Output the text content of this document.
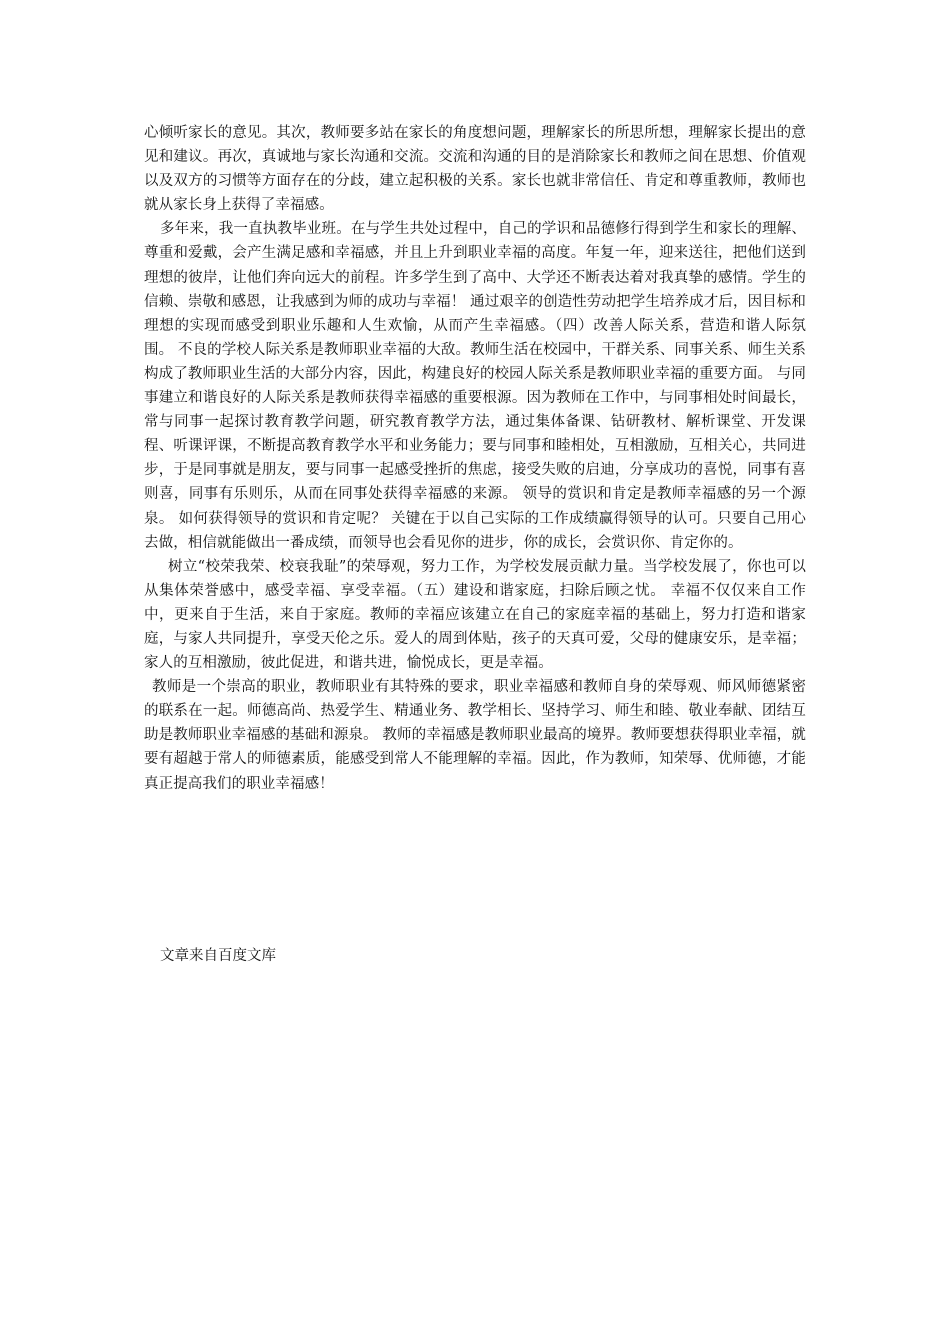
心倾听家长的意见。其次，教师要多站在家长的角度想问题，理解家长的所思所想，理解家长提出的意见和建议。再次，真诚地与家长沟通和交流。交流和沟通的目的是消除家长和教师之间在思想、价值观以及双方的习惯等方面存在的分歧，建立起积极的关系。家长也就非常信任、肯定和尊重教师，教师也就从家长身上获得了幸福感。

多年来，我一直执教毕业班。在与学生共处过程中，自己的学识和品德修行得到学生和家长的理解、尊重和爱戴，会产生满足感和幸福感，并且上升到职业幸福的高度。年复一年，迎来送往，把他们送到理想的彼岸，让他们奔向远大的前程。许多学生到了高中、大学还不断表达着对我真挚的感情。学生的信赖、崇敬和感恩，让我感到为师的成功与幸福！ 通过艰辛的创造性劳动把学生培养成才后，因目标和理想的实现而感受到职业乐趣和人生欢愉，从而产生幸福感。（四）改善人际关系，营造和谐人际氛围。 不良的学校人际关系是教师职业幸福的大敌。教师生活在校园中，干群关系、同事关系、师生关系构成了教师职业生活的大部分内容，因此，构建良好的校园人际关系是教师职业幸福的重要方面。 与同事建立和谐良好的人际关系是教师获得幸福感的重要根源。因为教师在工作中，与同事相处时间最长，常与同事一起探讨教育教学问题，研究教育教学方法，通过集体备课、钻研教材、解析课堂、开发课程、听课评课，不断提高教育教学水平和业务能力；要与同事和睦相处，互相激励，互相关心，共同进步，于是同事就是朋友，要与同事一起感受挫折的焦虑，接受失败的启迪，分享成功的喜悦，同事有喜则喜，同事有乐则乐，从而在同事处获得幸福感的来源。 领导的赏识和肯定是教师幸福感的另一个源泉。 如何获得领导的赏识和肯定呢？ 关键在于以自己实际的工作成绩赢得领导的认可。只要自己用心去做，相信就能做出一番成绩，而领导也会看见你的进步，你的成长，会赏识你、肯定你的。

树立“校荣我荣、校衰我耻”的荣辱观，努力工作，为学校发展贡献力量。当学校发展了，你也可以从集体荣誉感中，感受幸福、享受幸福。（五）建设和谐家庭，扫除后顾之忧。 幸福不仅仅来自工作中，更来自于生活，来自于家庭。教师的幸福应该建立在自己的家庭幸福的基础上，努力打造和谐家庭，与家人共同提升，享受天伦之乐。爱人的周到体贴，孩子的天真可爱，父母的健康安乐，是幸福；家人的互相激励，彼此促进，和谐共进，愉悦成长，更是幸福。

教师是一个崇高的职业，教师职业有其特殊的要求，职业幸福感和教师自身的荣辱观、师风师德紧密的联系在一起。师德高尚、热爱学生、精通业务、教学相长、坚持学习、师生和睦、敬业奉献、团结互助是教师职业幸福感的基础和源泉。 教师的幸福感是教师职业最高的境界。教师要想获得职业幸福，就要有超越于常人的师德素质，能感受到常人不能理解的幸福。因此，作为教师，知荣辱、优师德，才能真正提高我们的职业幸福感！

文章来自百度文库
